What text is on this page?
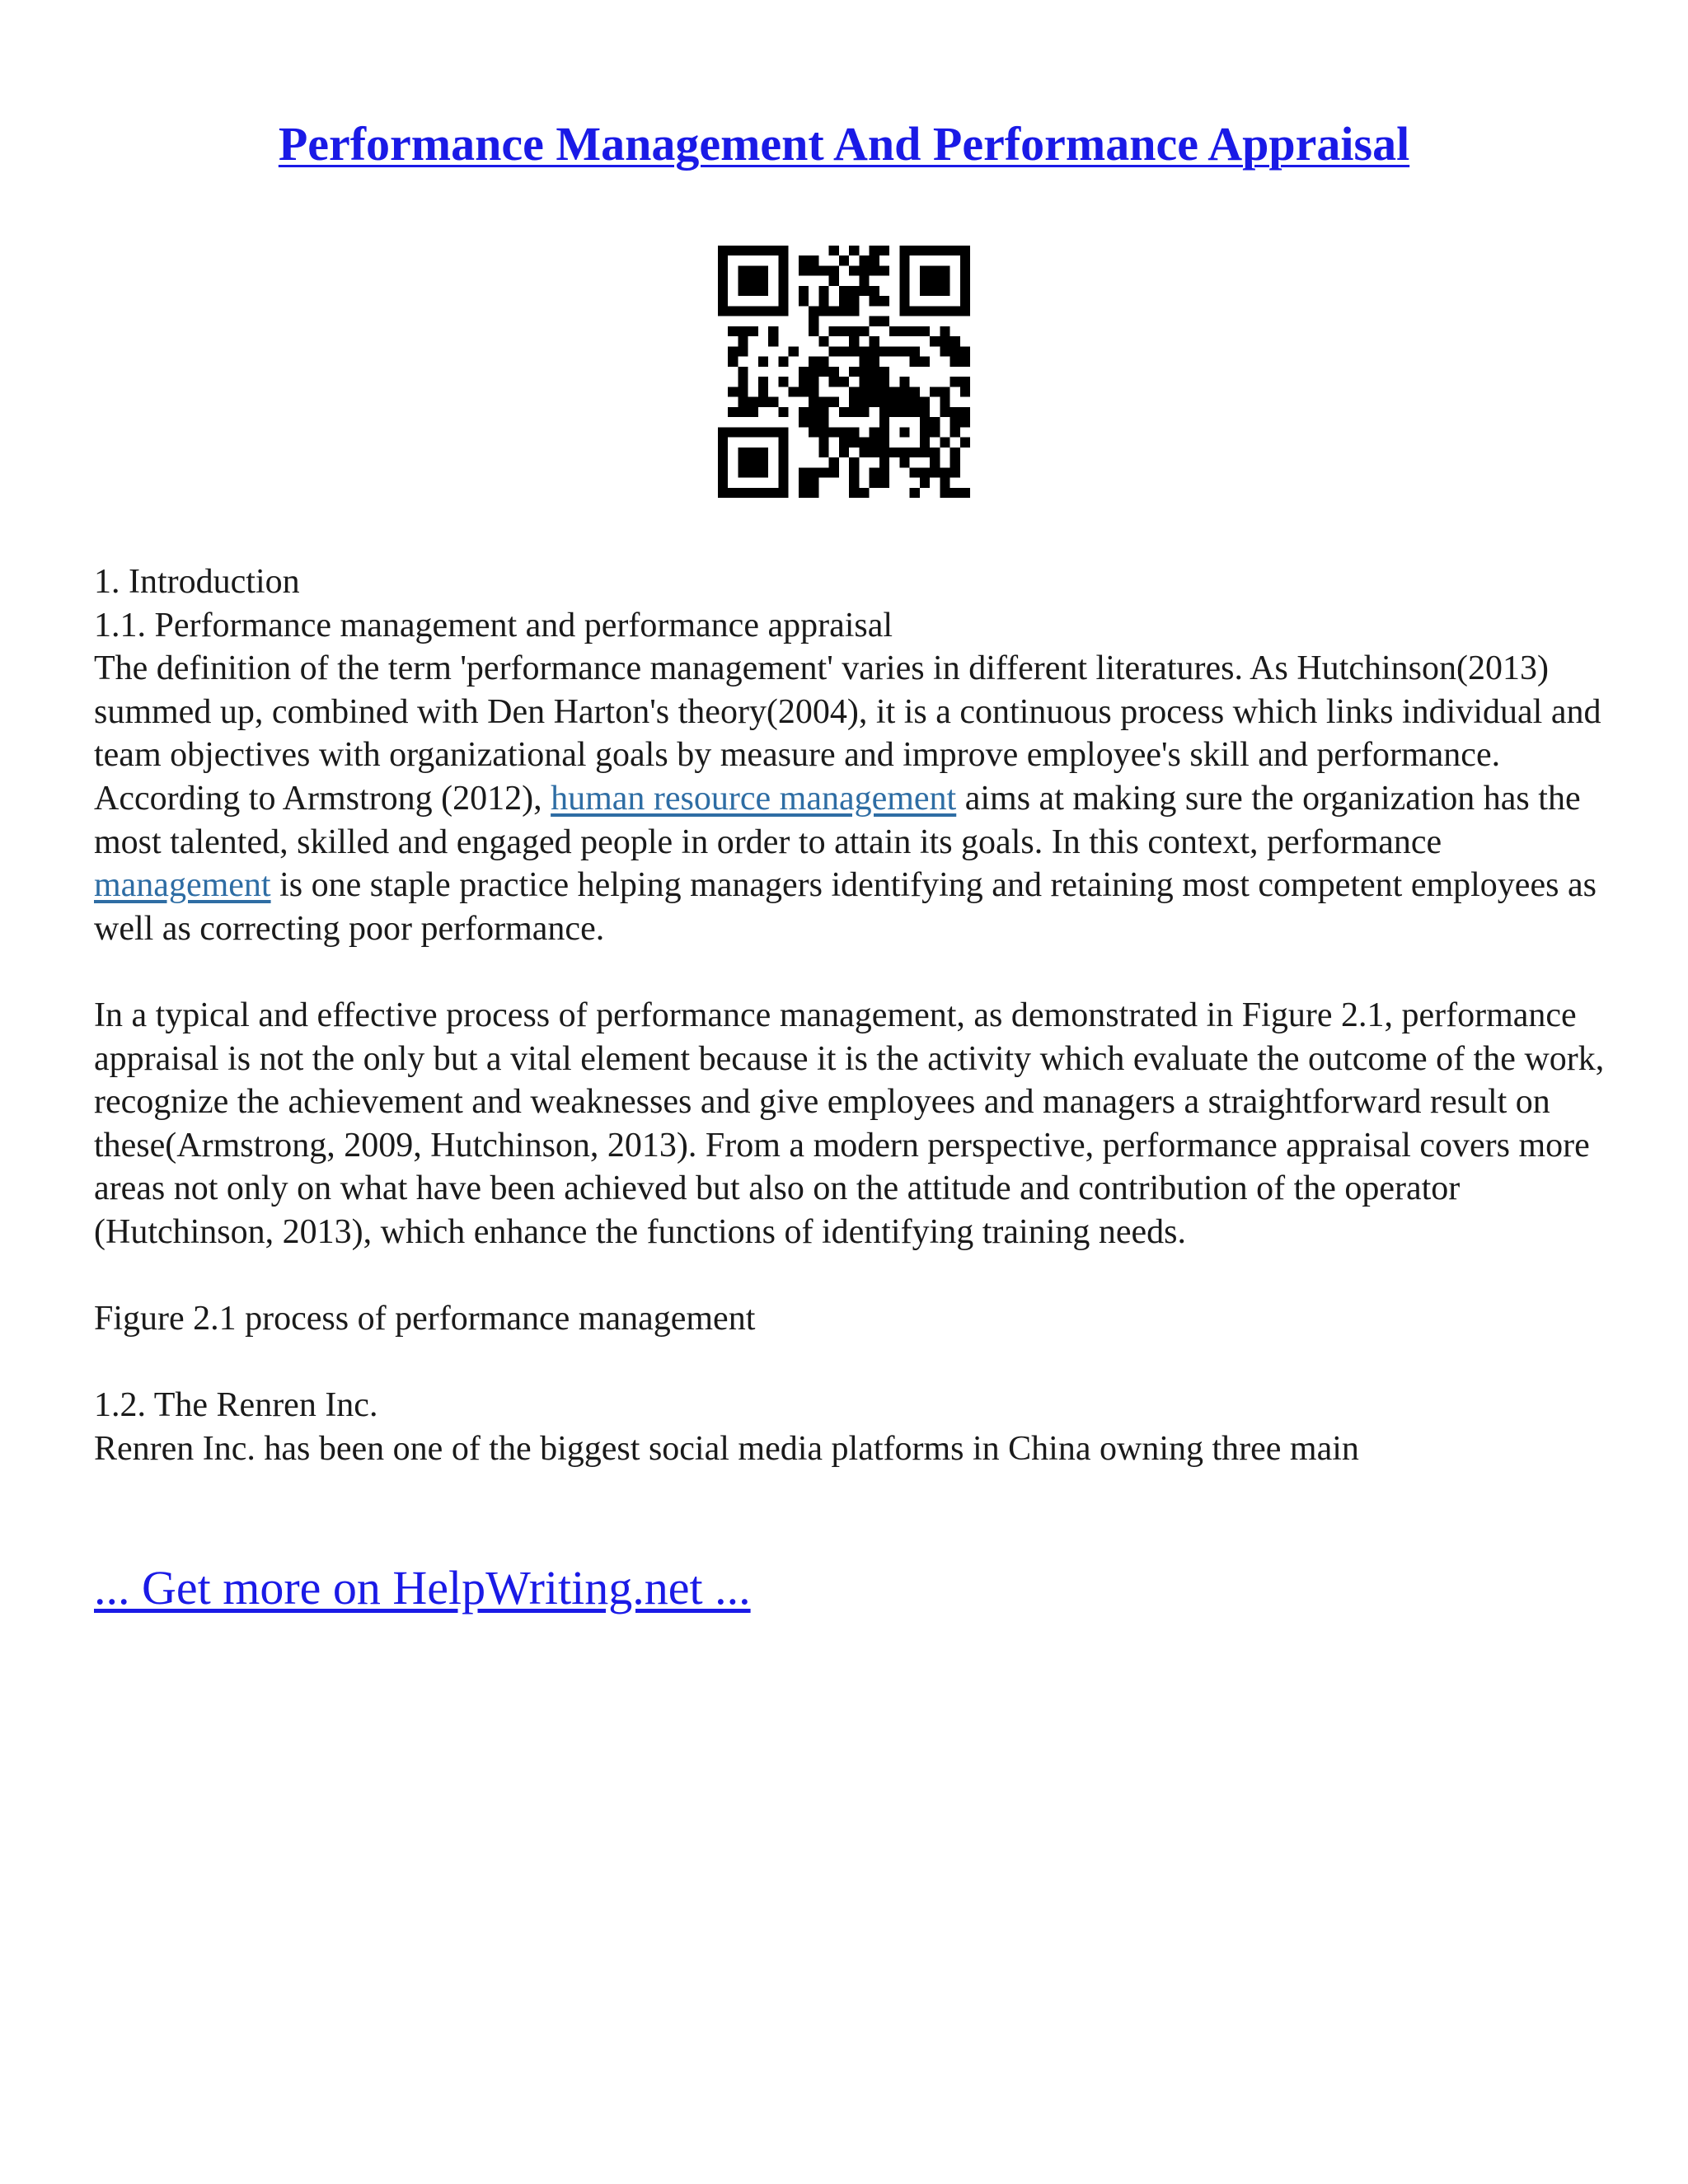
Performance Management And Performance Appraisal

1. Introduction

1.1. Performance management and performance appraisal

The definition of the term 'performance management' varies in different literatures. As Hutchinson(2013) summed up, combined with Den Harton's theory(2004), it is a continuous process which links individual and team objectives with organizational goals by measure and improve employee's skill and performance. According to Armstrong (2012), human resource management aims at making sure the organization has the most talented, skilled and engaged people in order to attain its goals. In this context, performance management is one staple practice helping managers identifying and retaining most competent employees as well as correcting poor performance.

In a typical and effective process of performance management, as demonstrated in Figure 2.1, performance appraisal is not the only but a vital element because it is the activity which evaluate the outcome of the work, recognize the achievement and weaknesses and give employees and managers a straightforward result on these(Armstrong, 2009, Hutchinson, 2013). From a modern perspective, performance appraisal covers more areas not only on what have been achieved but also on the attitude and contribution of the operator (Hutchinson, 2013), which enhance the functions of identifying training needs.

Figure 2.1 process of performance management

1.2. The Renren Inc.

Renren Inc. has been one of the biggest social media platforms in China owning three main

... Get more on HelpWriting.net ...
